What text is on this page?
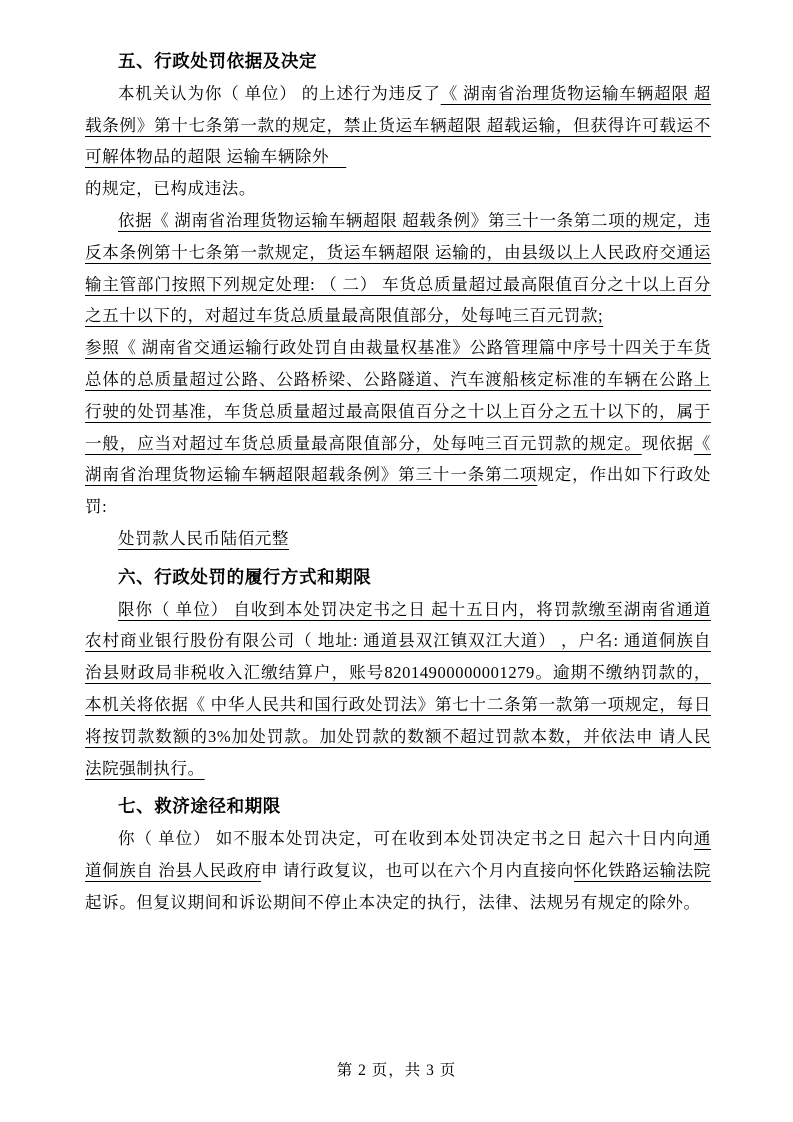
五、行政处罚依据及决定

本机关认为你（ 单位） 的上述行为违反了《 湖南省治理货物运输车辆超限 超载条例》第十七条第一款的规定，禁止货运车辆超限 超载运输，但获得许可载运不可解体物品的超限 运输车辆除外　
的规定，已构成违法。

依据《 湖南省治理货物运输车辆超限 超载条例》第三十一条第二项的规定，违反本条例第十七条第一款规定，货运车辆超限 运输的，由县级以上人民政府交通运输主管部门按照下列规定处理: （ 二） 车货总质量超过最高限值百分之十以上百分之五十以下的，对超过车货总质量最高限值部分，处每吨三百元罚款;

参照《 湖南省交通运输行政处罚自由裁量权基准》公路管理篇中序号十四关于车货总体的总质量超过公路、公路桥梁、公路隧道、汽车渡船核定标准的车辆在公路上行驶的处罚基准，车货总质量超过最高限值百分之十以上百分之五十以下的，属于一般，应当对超过车货总质量最高限值部分，处每吨三百元罚款的规定。现依据《 湖南省治理货物运输车辆超限超载条例》第三十一条第二项规定，作出如下行政处罚:

处罚款人民币陆佰元整

六、行政处罚的履行方式和期限

限你（ 单位） 自收到本处罚决定书之日 起十五日内，将罚款缴至湖南省通道农村商业银行股份有限公司（ 地址: 通道县双江镇双江大道） ，户名: 通道侗族自 治县财政局非税收入汇缴结算户，账号82014900000001279。逾期不缴纳罚款的，本机关将依据《 中华人民共和国行政处罚法》第七十二条第一款第一项规定，每日 将按罚款数额的3%加处罚款。加处罚款的数额不超过罚款本数，并依法申 请人民法院强制执行。

七、救济途径和期限

你（ 单位） 如不服本处罚决定，可在收到本处罚决定书之日 起六十日内向通道侗族自 治县人民政府申 请行政复议，也可以在六个月内直接向怀化铁路运输法院起诉。但复议期间和诉讼期间不停止本决定的执行，法律、法规另有规定的除外。

第 2 页，共 3 页
